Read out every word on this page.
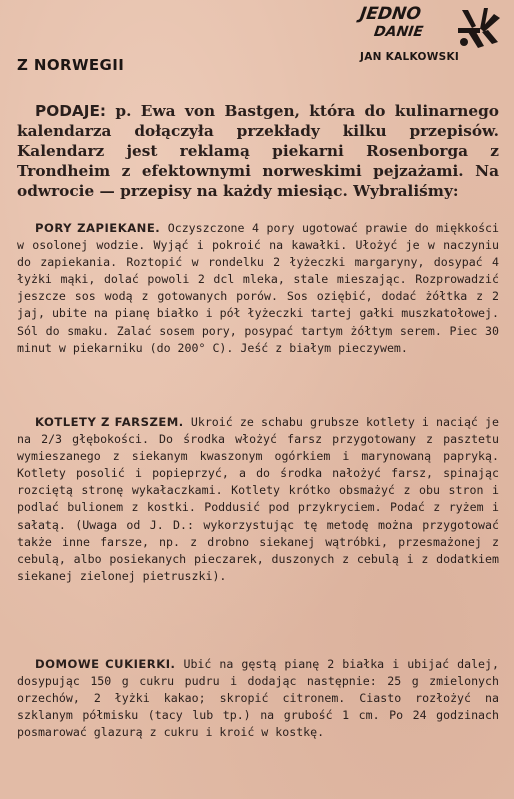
JEDNO
DANIE
JAN KALKOWSKI
Z NORWEGII

PODAJE: p. Ewa von Bastgen, która do kulinarnego kalendarza dołączyła przekłady kilku przepisów. Kalendarz jest reklamą piekarni Rosenborga z Trondheim z efektownymi norweskimi pejzażami. Na odwrocie — przepisy na każdy miesiąc. Wybraliśmy:

PORY ZAPIEKANE. Oczyszczone 4 pory ugotować prawie do miękkości w osolonej wodzie. Wyjąć i pokroić na kawałki. Ułożyć je w naczyniu do zapiekania. Roztopić w rondelku 2 łyżeczki margaryny, dosypać 4 łyżki mąki, dolać powoli 2 dcl mleka, stale mieszając. Rozprowadzić jeszcze sos wodą z gotowanych porów. Sos oziębić, dodać żółtka z 2 jaj, ubite na pianę białko i pół łyżeczki tartej gałki muszkatołowej. Sól do smaku. Zalać sosem pory, posypać tartym żółtym serem. Piec 30 minut w piekarniku (do 200° C). Jeść z białym pieczywem.

KOTLETY Z FARSZEM. Ukroić ze schabu grubsze kotlety i naciąć je na 2/3 głębokości. Do środka włożyć farsz przygotowany z pasztetu wymieszanego z siekanym kwaszonym ogórkiem i marynowaną papryką. Kotlety posolić i popieprzyć, a do środka nałożyć farsz, spinając rozciętą stronę wykałaczkami. Kotlety krótko obsmażyć z obu stron i podlać bulionem z kostki. Poddusić pod przykryciem. Podać z ryżem i sałatą. (Uwaga od J. D.: wykorzystując tę metodę można przygotować także inne farsze, np. z drobno siekanej wątróbki, przesmażonej z cebulą, albo posiekanych pieczarek, duszonych z cebulą i z dodatkiem siekanej zielonej pietruszki).

DOMOWE CUKIERKI. Ubić na gęstą pianę 2 białka i ubijać dalej, dosypując 150 g cukru pudru i dodając następnie: 25 g zmielonych orzechów, 2 łyżki kakao; skropić citronem. Ciasto rozłożyć na szklanym półmisku (tacy lub tp.) na grubość 1 cm. Po 24 godzinach posmarować glazurą z cukru i kroić w kostkę.
